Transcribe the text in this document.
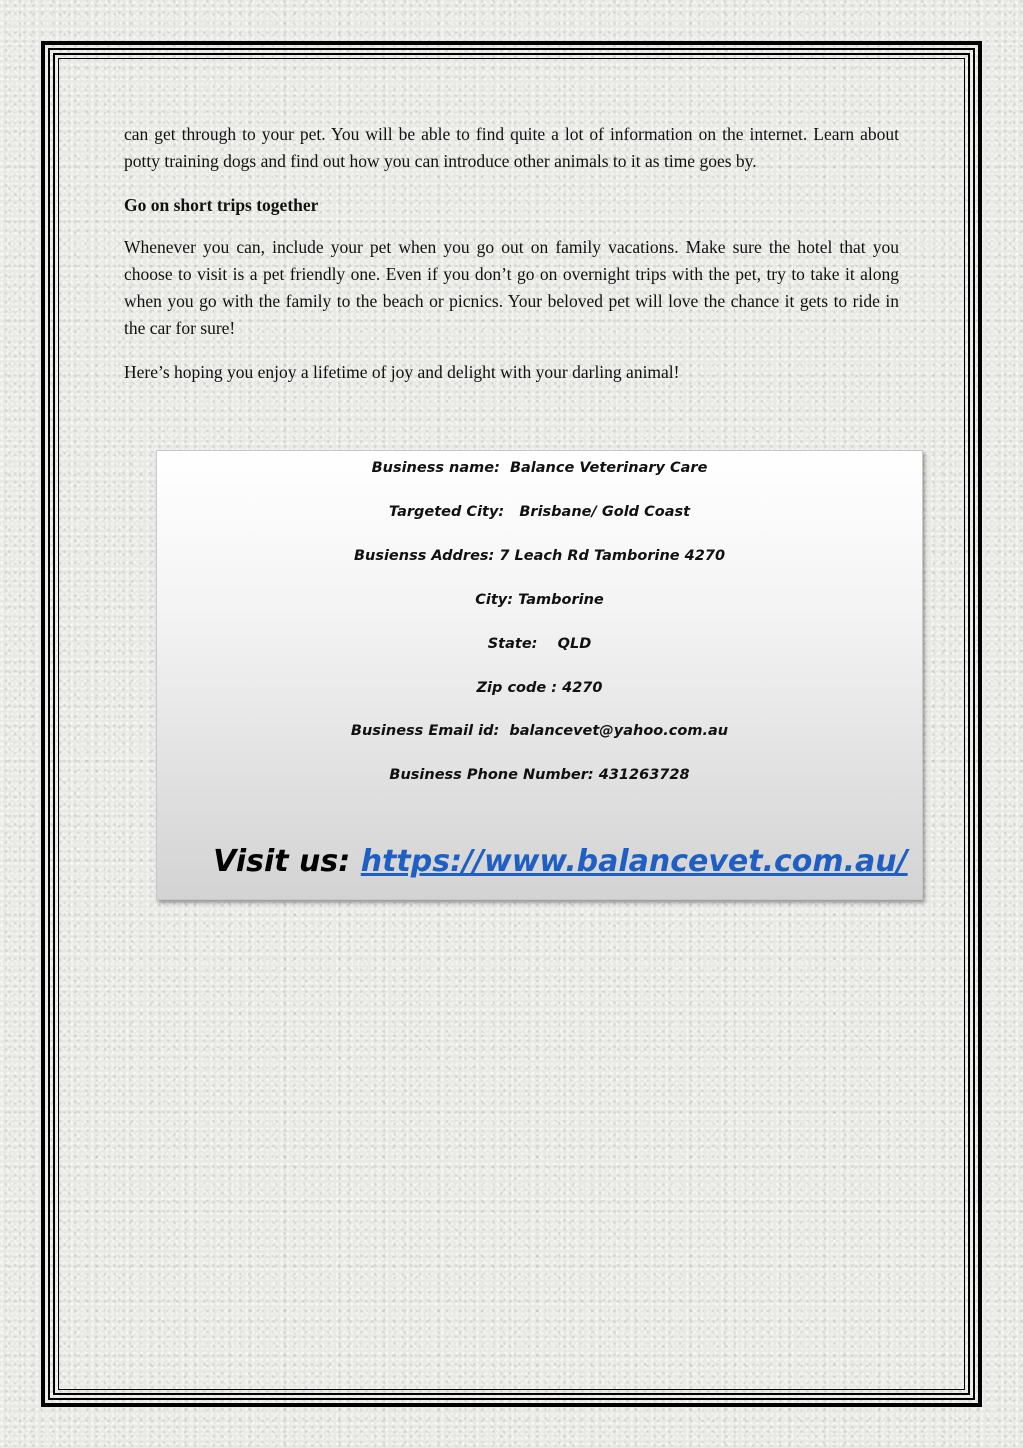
can get through to your pet. You will be able to find quite a lot of information on the internet. Learn about potty training dogs and find out how you can introduce other animals to it as time goes by.

Go on short trips together

Whenever you can, include your pet when you go out on family vacations. Make sure the hotel that you choose to visit is a pet friendly one. Even if you don’t go on overnight trips with the pet, try to take it along when you go with the family to the beach or picnics. Your beloved pet will love the chance it gets to ride in the car for sure!

Here’s hoping you enjoy a lifetime of joy and delight with your darling animal!

Business name:  Balance Veterinary Care
Targeted City:   Brisbane/ Gold Coast
Busienss Addres: 7 Leach Rd Tamborine 4270
City: Tamborine
State:    QLD
Zip code : 4270
Business Email id:  balancevet@yahoo.com.au
Business Phone Number: 431263728

Visit us: https://www.balancevet.com.au/
